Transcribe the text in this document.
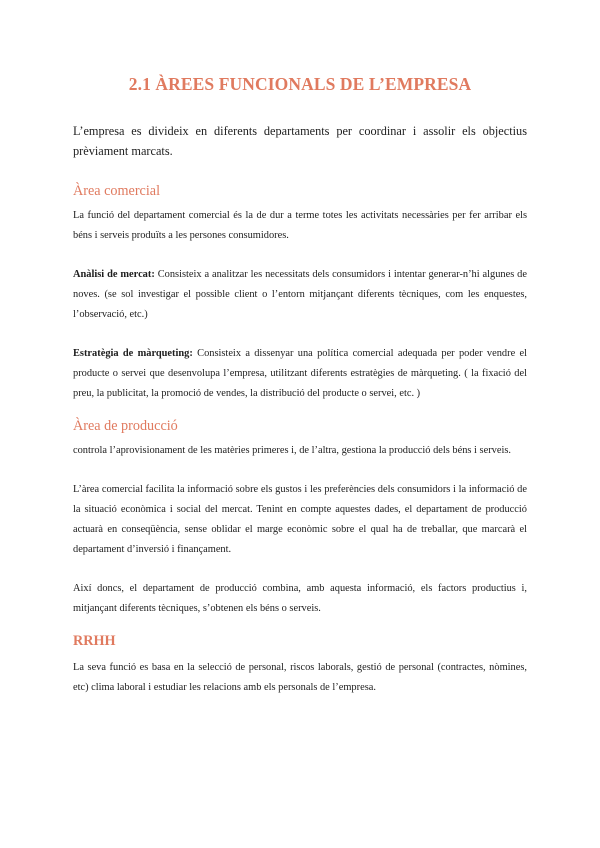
2.1 ÀREES FUNCIONALS DE L’EMPRESA

L’empresa es divideix en diferents departaments per coordinar i assolir els objectius prèviament marcats.

Àrea comercial

La funció del departament comercial és la de dur a terme totes les activitats necessàries per fer arribar els béns i serveis produïts a les persones consumidores.

Anàlisi de mercat: Consisteix a analitzar les necessitats dels consumidors i intentar generar-n’hi algunes de noves. (se sol investigar el possible client o l’entorn mitjançant diferents tècniques, com les enquestes, l’observació, etc.)

Estratègia de màrqueting: Consisteix a dissenyar una política comercial adequada per poder vendre el producte o servei que desenvolupa l’empresa, utilitzant diferents estratègies de màrqueting. ( la fixació del preu, la publicitat, la promoció de vendes, la distribució del producte o servei, etc. )

Àrea de producció

controla l’aprovisionament de les matèries primeres i, de l’altra, gestiona la producció dels béns i serveis.

L’àrea comercial facilita la informació sobre els gustos i les preferències dels consumidors i la informació de la situació econòmica i social del mercat. Tenint en compte aquestes dades, el departament de producció actuarà en conseqüència, sense oblidar el marge econòmic sobre el qual ha de treballar, que marcarà el departament d’inversió i finançament.

Així doncs, el departament de producció combina, amb aquesta informació, els factors productius i, mitjançant diferents tècniques, s’obtenen els béns o serveis.

RRHH

La seva funció es basa en la selecció de personal, riscos laborals, gestió de personal (contractes, nòmines, etc) clima laboral i estudiar les relacions amb els personals de l’empresa.
